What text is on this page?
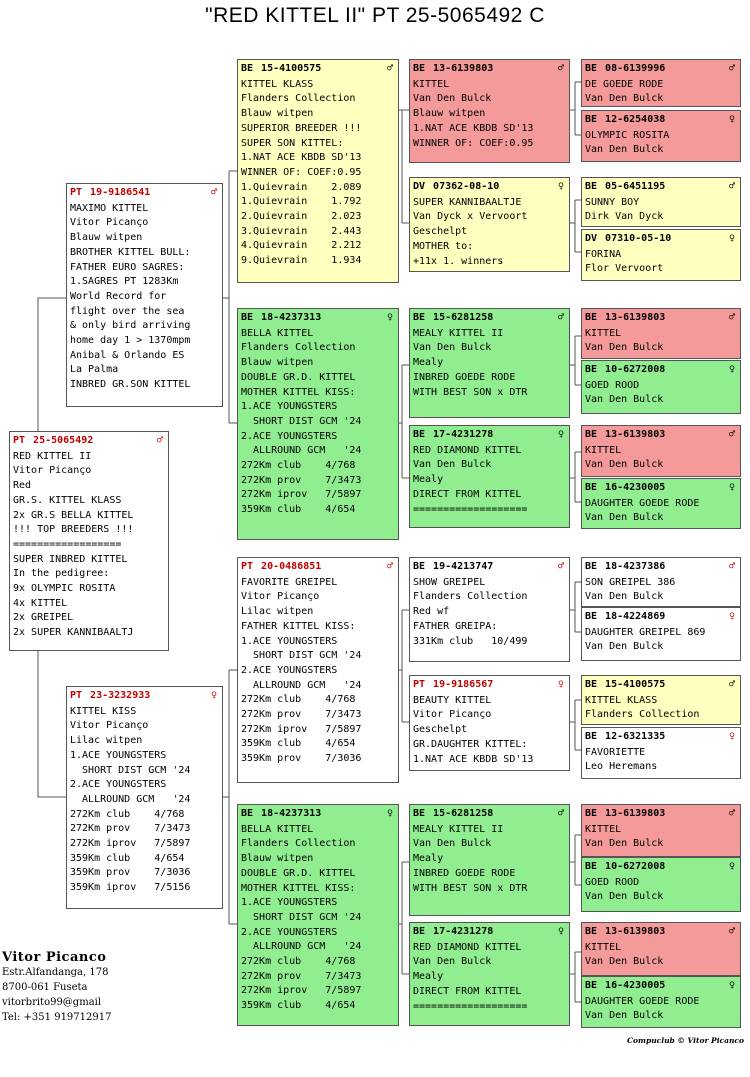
"RED KITTEL II" PT 25-5065492 C
PT 25-5065492	♂
RED KITTEL II
Vitor Picanço
Red
GR.S. KITTEL KLASS
2x GR.S BELLA KITTEL
!!! TOP BREEDERS !!!
==================
SUPER INBRED KITTEL
In the pedigree:
9x OLYMPIC ROSITA
4x KITTEL
2x GREIPEL
2x SUPER KANNIBAALTJ
PT 19-9186541	♂
MAXIMO KITTEL
Vitor Picanço
Blauw witpen
BROTHER KITTEL BULL:
FATHER EURO SAGRES:
1.SAGRES PT 1283Km
World Record for
flight over the sea
& only bird arriving
home day 1 > 1370mpm
Anibal & Orlando ES
La Palma
INBRED GR.SON KITTEL
PT 23-3232933	♀
KITTEL KISS
Vitor Picanço
Lilac witpen
1.ACE YOUNGSTERS
SHORT DIST GCM '24
2.ACE YOUNGSTERS
ALLROUND GCM   '24
272Km club    4/768
272Km prov    7/3473
272Km iprov   7/5897
359Km club    4/654
359Km prov    7/3036
359Km iprov   7/5156
BE 15-4100575	♂
KITTEL KLASS
Flanders Collection
Blauw witpen
SUPERIOR BREEDER !!!
SUPER SON KITTEL:
1.NAT ACE KBDB SD'13
WINNER OF: COEF:0.95
1.Quievrain    2.089
1.Quievrain    1.792
2.Quievrain    2.023
3.Quievrain    2.443
4.Quievrain    2.212
9.Quievrain    1.934
BE 18-4237313	♀
BELLA KITTEL
Flanders Collection
Blauw witpen
DOUBLE GR.D. KITTEL
MOTHER KITTEL KISS:
1.ACE YOUNGSTERS
SHORT DIST GCM '24
2.ACE YOUNGSTERS
ALLROUND GCM   '24
272Km club    4/768
272Km prov    7/3473
272Km iprov   7/5897
359Km club    4/654
PT 20-0486851	♂
FAVORITE GREIPEL
Vitor Picanço
Lilac witpen
FATHER KITTEL KISS:
1.ACE YOUNGSTERS
SHORT DIST GCM '24
2.ACE YOUNGSTERS
ALLROUND GCM   '24
272Km club    4/768
272Km prov    7/3473
272Km iprov   7/5897
359Km club    4/654
359Km prov    7/3036
BE 18-4237313	♀
BELLA KITTEL
Flanders Collection
Blauw witpen
DOUBLE GR.D. KITTEL
MOTHER KITTEL KISS:
1.ACE YOUNGSTERS
SHORT DIST GCM '24
2.ACE YOUNGSTERS
ALLROUND GCM   '24
272Km club    4/768
272Km prov    7/3473
272Km iprov   7/5897
359Km club    4/654
BE 13-6139803	♂
KITTEL
Van Den Bulck
Blauw witpen
1.NAT ACE KBDB SD'13
WINNER OF: COEF:0.95
DV 07362-08-10	♀
SUPER KANNIBAALTJE
Van Dyck x Vervoort
Geschelpt
MOTHER to:
+11x 1. winners
BE 15-6281258	♂
MEALY KITTEL II
Van Den Bulck
Mealy
INBRED GOEDE RODE
WITH BEST SON x DTR
BE 17-4231278	♀
RED DIAMOND KITTEL
Van Den Bulck
Mealy
DIRECT FROM KITTEL
===================
BE 19-4213747	♂
SHOW GREIPEL
Flanders Collection
Red wf
FATHER GREIPA:
331Km club   10/499
PT 19-9186567	♀
BEAUTY KITTEL
Vitor Picanço
Geschelpt
GR.DAUGHTER KITTEL:
1.NAT ACE KBDB SD'13
BE 15-6281258	♂
MEALY KITTEL II
Van Den Bulck
Mealy
INBRED GOEDE RODE
WITH BEST SON x DTR
BE 17-4231278	♀
RED DIAMOND KITTEL
Van Den Bulck
Mealy
DIRECT FROM KITTEL
===================
BE 08-6139996	♂
DE GOEDE RODE
Van Den Bulck
BE 12-6254038	♀
OLYMPIC ROSITA
Van Den Bulck
BE 05-6451195	♂
SUNNY BOY
Dirk Van Dyck
DV 07310-05-10	♀
FORINA
Flor Vervoort
BE 13-6139803	♂
KITTEL
Van Den Bulck
BE 10-6272008	♀
GOED ROOD
Van Den Bulck
BE 13-6139803	♂
KITTEL
Van Den Bulck
BE 16-4230005	♀
DAUGHTER GOEDE RODE
Van Den Bulck
BE 18-4237386	♂
SON GREIPEL 386
Van Den Bulck
BE 18-4224869	♀
DAUGHTER GREIPEL 869
Van Den Bulck
BE 15-4100575	♂
KITTEL KLASS
Flanders Collection
BE 12-6321335	♀
FAVORIETTE
Leo Heremans
BE 13-6139803	♂
KITTEL
Van Den Bulck
BE 10-6272008	♀
GOED ROOD
Van Den Bulck
BE 13-6139803	♂
KITTEL
Van Den Bulck
BE 16-4230005	♀
DAUGHTER GOEDE RODE
Van Den Bulck
Vitor Picanco
Estr.Alfandanga, 178
8700-061 Fuseta
vitorbrito99@gmail
Tel: +351 919712917
Compuclub © Vitor Picanco
